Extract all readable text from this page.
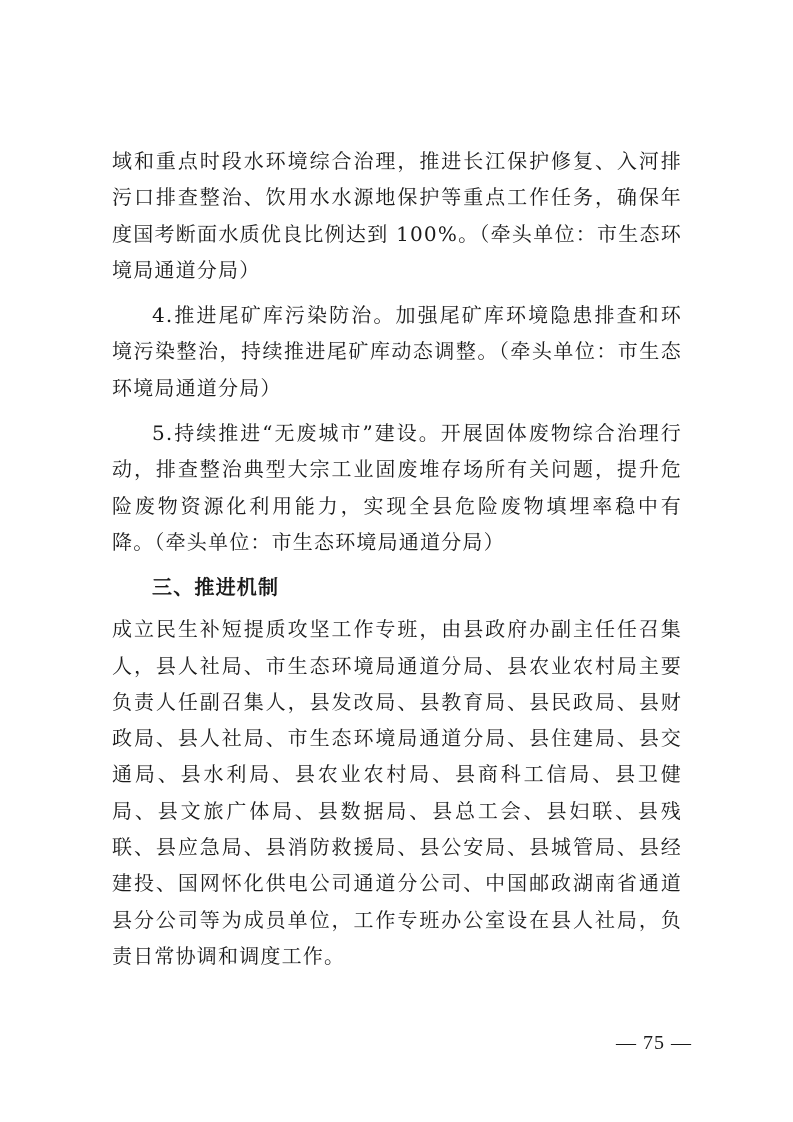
域和重点时段水环境综合治理，推进长江保护修复、入河排污口排查整治、饮用水水源地保护等重点工作任务，确保年度国考断面水质优良比例达到 100%。（牵头单位：市生态环境局通道分局）

4.推进尾矿库污染防治。加强尾矿库环境隐患排查和环境污染整治，持续推进尾矿库动态调整。（牵头单位：市生态环境局通道分局）

5.持续推进“无废城市”建设。开展固体废物综合治理行动，排查整治典型大宗工业固废堆存场所有关问题，提升危险废物资源化利用能力，实现全县危险废物填埋率稳中有降。（牵头单位：市生态环境局通道分局）

三、推进机制

成立民生补短提质攻坚工作专班，由县政府办副主任任召集人，县人社局、市生态环境局通道分局、县农业农村局主要负责人任副召集人，县发改局、县教育局、县民政局、县财政局、县人社局、市生态环境局通道分局、县住建局、县交通局、县水利局、县农业农村局、县商科工信局、县卫健局、县文旅广体局、县数据局、县总工会、县妇联、县残联、县应急局、县消防救援局、县公安局、县城管局、县经建投、国网怀化供电公司通道分公司、中国邮政湖南省通道县分公司等为成员单位，工作专班办公室设在县人社局，负责日常协调和调度工作。

— 75 —
